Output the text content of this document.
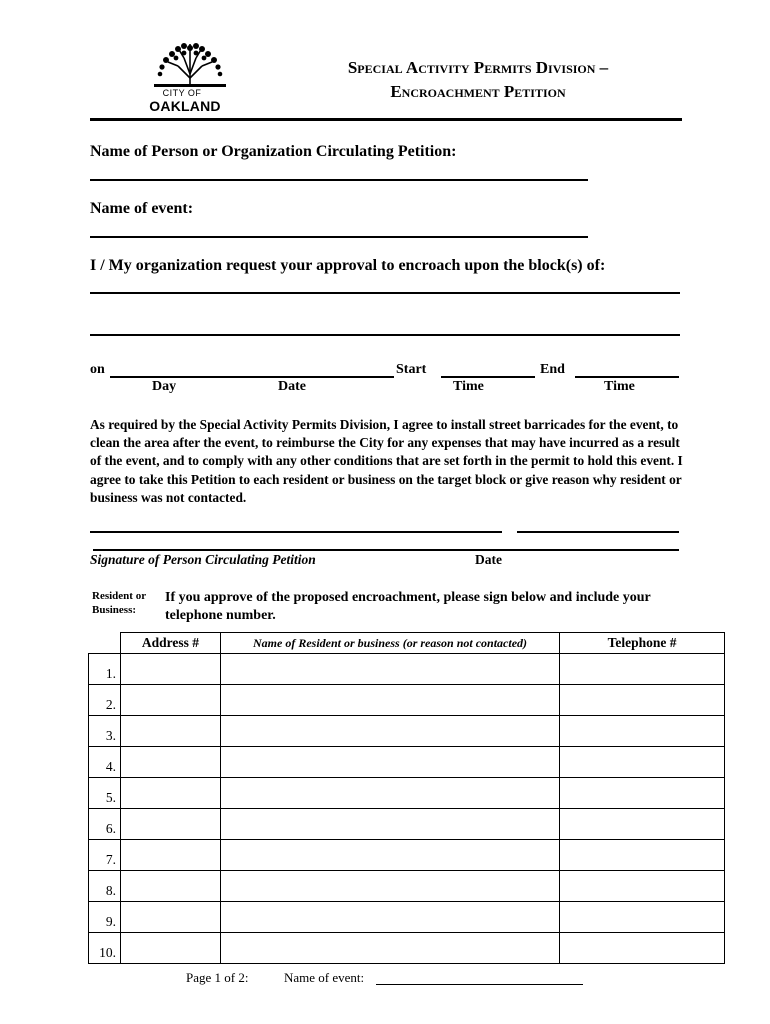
CITY OF
OAKLAND
Special Activity Permits Division –
Encroachment Petition
Name of Person or Organization Circulating Petition:
Name of event:
I / My organization request your approval to encroach upon the block(s) of:
on	Start	End
Day	Date	Time	Time
As required by the Special Activity Permits Division, I agree to install street barricades for the event, to clean the area after the event, to reimburse the City for any expenses that may have incurred as a result of the event, and to comply with any other conditions that are set forth in the permit to hold this event. I agree to take this Petition to each resident or business on the target block or give reason why resident or business was not contacted.
Signature of Person Circulating Petition	Date
Resident or Business:
If you approve of the proposed encroachment, please sign below and include your telephone number.
	Address #	Name of Resident or business (or reason not contacted)	Telephone #
1.			
2.			
3.			
4.			
5.			
6.			
7.			
8.			
9.			
10.			
Page 1 of 2:	Name of event:
